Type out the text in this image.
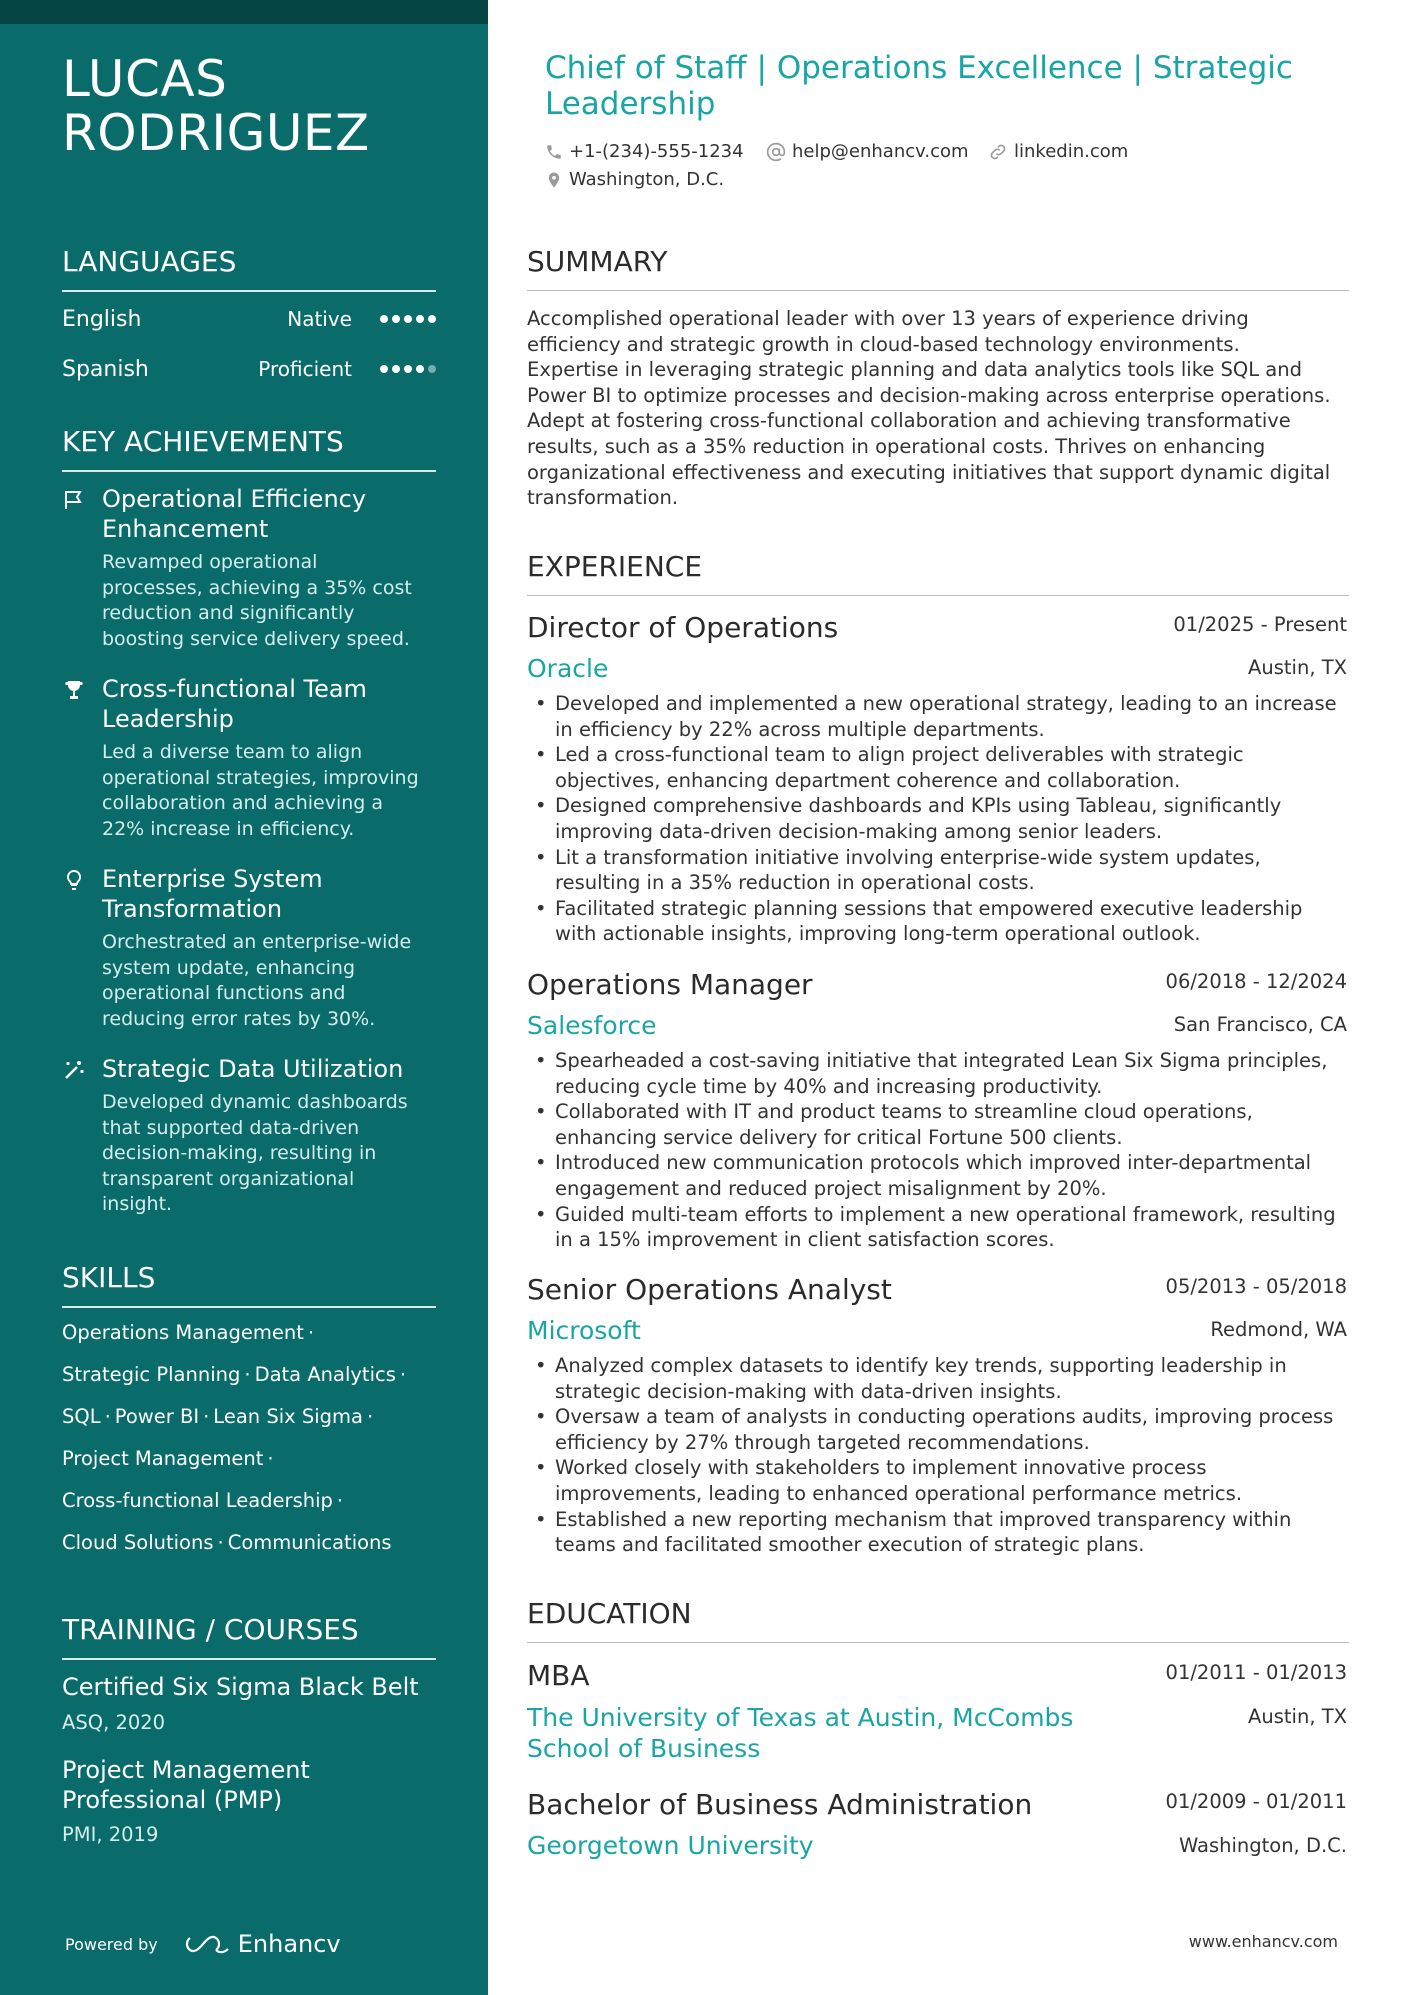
LUCAS
RODRIGUEZ
LANGUAGES
English	Native
Spanish	Proficient
KEY ACHIEVEMENTS
Operational Efficiency
Enhancement
Revamped operational
processes, achieving a 35% cost
reduction and significantly
boosting service delivery speed.
Cross-functional Team
Leadership
Led a diverse team to align
operational strategies, improving
collaboration and achieving a
22% increase in efficiency.
Enterprise System
Transformation
Orchestrated an enterprise-wide
system update, enhancing
operational functions and
reducing error rates by 30%.
Strategic Data Utilization
Developed dynamic dashboards
that supported data-driven
decision-making, resulting in
transparent organizational
insight.
SKILLS
Operations Management ·
Strategic Planning · Data Analytics ·
SQL · Power BI · Lean Six Sigma ·
Project Management ·
Cross-functional Leadership ·
Cloud Solutions · Communications
TRAINING / COURSES
Certified Six Sigma Black Belt
ASQ, 2020
Project Management
Professional (PMP)
PMI, 2019
Powered by	Enhancv
Chief of Staff | Operations Excellence | Strategic
Leadership
+1-(234)-555-1234	help@enhancv.com	linkedin.com
Washington, D.C.
SUMMARY
Accomplished operational leader with over 13 years of experience driving
efficiency and strategic growth in cloud-based technology environments.
Expertise in leveraging strategic planning and data analytics tools like SQL and
Power BI to optimize processes and decision-making across enterprise operations.
Adept at fostering cross-functional collaboration and achieving transformative
results, such as a 35% reduction in operational costs. Thrives on enhancing
organizational effectiveness and executing initiatives that support dynamic digital
transformation.
EXPERIENCE
Director of Operations	01/2025 - Present
Oracle	Austin, TX
• Developed and implemented a new operational strategy, leading to an increase
in efficiency by 22% across multiple departments.
• Led a cross-functional team to align project deliverables with strategic
objectives, enhancing department coherence and collaboration.
• Designed comprehensive dashboards and KPIs using Tableau, significantly
improving data-driven decision-making among senior leaders.
• Lit a transformation initiative involving enterprise-wide system updates,
resulting in a 35% reduction in operational costs.
• Facilitated strategic planning sessions that empowered executive leadership
with actionable insights, improving long-term operational outlook.
Operations Manager	06/2018 - 12/2024
Salesforce	San Francisco, CA
• Spearheaded a cost-saving initiative that integrated Lean Six Sigma principles,
reducing cycle time by 40% and increasing productivity.
• Collaborated with IT and product teams to streamline cloud operations,
enhancing service delivery for critical Fortune 500 clients.
• Introduced new communication protocols which improved inter-departmental
engagement and reduced project misalignment by 20%.
• Guided multi-team efforts to implement a new operational framework, resulting
in a 15% improvement in client satisfaction scores.
Senior Operations Analyst	05/2013 - 05/2018
Microsoft	Redmond, WA
• Analyzed complex datasets to identify key trends, supporting leadership in
strategic decision-making with data-driven insights.
• Oversaw a team of analysts in conducting operations audits, improving process
efficiency by 27% through targeted recommendations.
• Worked closely with stakeholders to implement innovative process
improvements, leading to enhanced operational performance metrics.
• Established a new reporting mechanism that improved transparency within
teams and facilitated smoother execution of strategic plans.
EDUCATION
MBA	01/2011 - 01/2013
The University of Texas at Austin, McCombs
School of Business
Austin, TX
Bachelor of Business Administration	01/2009 - 01/2011
Georgetown University	Washington, D.C.
www.enhancv.com
